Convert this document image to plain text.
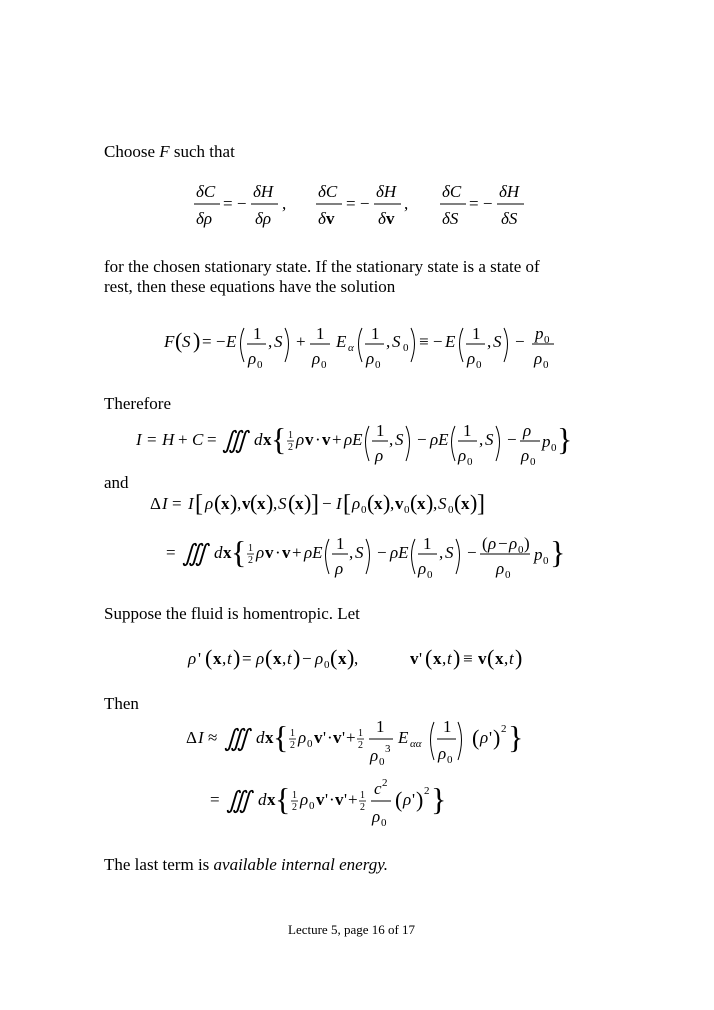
Choose F such that
δC
δρ
= −
δH
δρ
,
δC
δ v
= −
δH
δ v
,
δC
δS
= −
δH
δS
for the chosen stationary state. If the stationary state is a state of
rest, then these equations have the solution
F ( S ) = − E 1
ρ 0
, S + 1
ρ 0
E α
1
ρ 0
, S 0 ≡ − E 1
ρ 0
, S − p 0
ρ 0
Therefore
I = H + C = ∭ d x { 1
2 ρ v · v + ρE 1
ρ
, S − ρE 1
ρ 0
, S − ρ
ρ 0
p 0 }
and
Δ I = I [ ρ ( x ) , v ( x ) , S ( x ) ] − I [ ρ 0 ( x ) , v 0 ( x ) , S 0 ( x ) ]
= ∭ d x { 1
2 ρ v · v + ρE 1
ρ
, S − ρE 1
ρ 0
, S − ( ρ − ρ 0 )
ρ 0
p 0 }
Suppose the fluid is homentropic. Let
ρ ' ( x , t ) = ρ ( x , t ) − ρ 0 ( x ) ,	v ' ( x , t ) ≡ v ( x , t )
Then
Δ I ≈ ∭ d x { 1
2 ρ 0 v ' · v ' + 1
2
1
ρ 0
3
E αα
1
ρ 0
( ρ ' ) 2 }
= ∭ d x { 1
2 ρ 0 v ' · v ' + 1
2
c 2
ρ 0
( ρ ' ) 2 }
The last term is available internal energy.
Lecture 5, page 16 of 17
